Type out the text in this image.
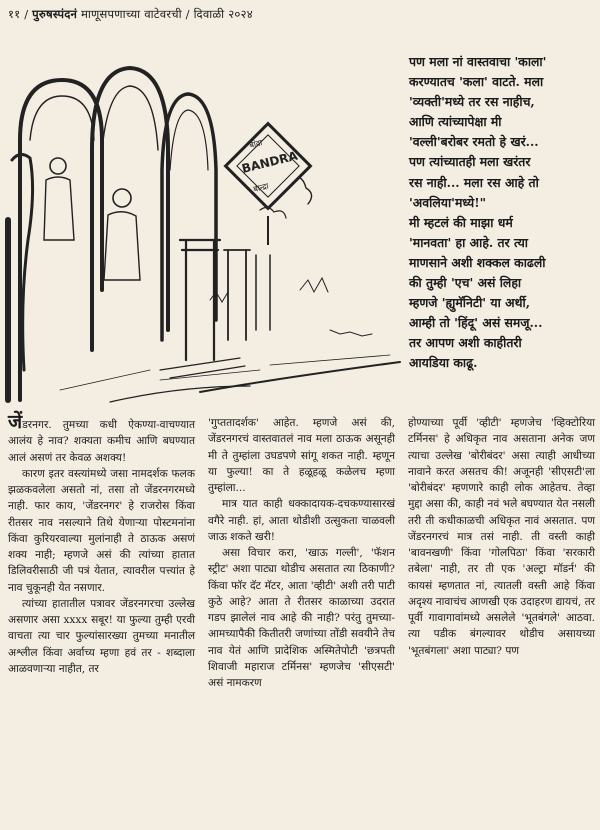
११ / पुरुषस्पंदनं माणूसपणाच्या वाटेवरची / दिवाळी २०२४
बांद्रा
BANDRA
बान्द्रा

पण मला नां वास्तवाचा 'काला'

करण्यातच 'कला' वाटते. मला

'व्यक्ती'मध्ये तर रस नाहीच,

आणि त्यांच्यापेक्षा मी

'वल्ली'बरोबर रमतो हे खरं...

पण त्यांच्यातही मला खरंतर

रस नाही... मला रस आहे तो

'अवलिया'मध्ये!"

मी म्हटलं की माझा धर्म

'मानवता' हा आहे. तर त्या

माणसाने अशी शक्कल काढली

की तुम्ही 'एच' असं लिहा

म्हणजे 'ह्युमॅनिटी' या अर्थी,

आम्ही तो 'हिंदू' असं समजू...

तर आपण अशी काहीतरी

आयडिया काढू.

जेंडरनगर. तुमच्या कधी ऐकण्या-वाचण्यात आलंय हे नाव? शक्यता कमीच आणि बघण्यात आलं असणं तर केवळ अशक्य!

कारण इतर वस्त्यांमध्ये जसा नामदर्शक फलक झळकवलेला असतो नां, तसा तो जेंडरनगरमध्ये नाही. फार काय, 'जेंडरनगर' हे राजरोस किंवा रीतसर नाव नसल्याने तिथे येणाऱ्या पोस्टमनांना किंवा कुरियरवाल्या मुलांनाही ते ठाऊक असणं शक्य नाही; म्हणजे असं की त्यांच्या हातात डिलिवरीसाठी जी पत्रं येतात, त्यावरील पत्त्यांत हे नाव चुकूनही येत नसणार.

त्यांच्या हातातील पत्रावर जेंडरनगरचा उल्लेख असणार असा xxxx सबूर! या फुल्या तुम्ही एरवी वाचता त्या चार फुल्यांसारख्या तुमच्या मनातील अश्लील किंवा अर्वाच्य म्हणा हवं तर - शब्दाला आळवणाऱ्या नाहीत, तर

'गुप्ततादर्शक' आहेत. म्हणजे असं की, जेंडरनगरचं वास्तवातलं नाव मला ठाऊक असूनही मी ते तुम्हांला उघडपणे सांगू शकत नाही. म्हणून या फुल्या! का ते हळूहळू कळेलच म्हणा तुम्हांला...

मात्र यात काही धक्कादायक-दचकण्यासारखं वगैरे नाही. हां, आता थोडीशी उत्सुकता चाळवली जाऊ शकते खरी!

असा विचार करा, 'खाऊ गल्ली', 'फॅशन स्ट्रीट' अशा पाट्या थोडीच असतात त्या ठिकाणी? किंवा फॉर दॅट मॅटर, आता 'व्हीटी' अशी तरी पाटी कुठे आहे? आता ते रीतसर काळाच्या उदरात गडप झालेलं नाव आहे की नाही? परंतु तुमच्या-आमच्यापैकी कितीतरी जणांच्या तोंडी सवयीने तेच नाव येतं आणि प्रादेशिक अस्मितेपोटी 'छत्रपती शिवाजी महाराज टर्मिनस' म्हणजेच 'सीएसटी' असं नामकरण

होण्याच्या पूर्वी 'व्हीटी' म्हणजेच 'व्हिक्टोरिया टर्मिनस' हे अधिकृत नाव असताना अनेक जण त्याचा उल्लेख 'बोरीबंदर' असा त्याही आधीच्या नावाने करत असतच की! अजूनही 'सीएसटी'ला 'बोरीबंदर' म्हणणारे काही लोक आहेतच. तेव्हा मुद्दा असा की, काही नवं भले बघण्यात येत नसली तरी ती कधीकाळची अधिकृत नावं असतात. पण जेंडरनगरचं मात्र तसं नाही. ती वस्ती काही 'बावनखणी' किंवा 'गोलपिठा' किंवा 'सरकारी तबेला' नाही, तर ती एक 'अल्ट्रा मॉडर्न' की कायसं म्हणतात नां, त्यातली वस्ती आहे किंवा अदृश्य नावाचंच आणखी एक उदाहरण द्यायचं, तर पूर्वी गावागावांमध्ये असलेले 'भूतबंगले' आठवा. त्या पडीक बंगल्यावर थोडीच असायच्या 'भूतबंगला' अशा पाट्या? पण
